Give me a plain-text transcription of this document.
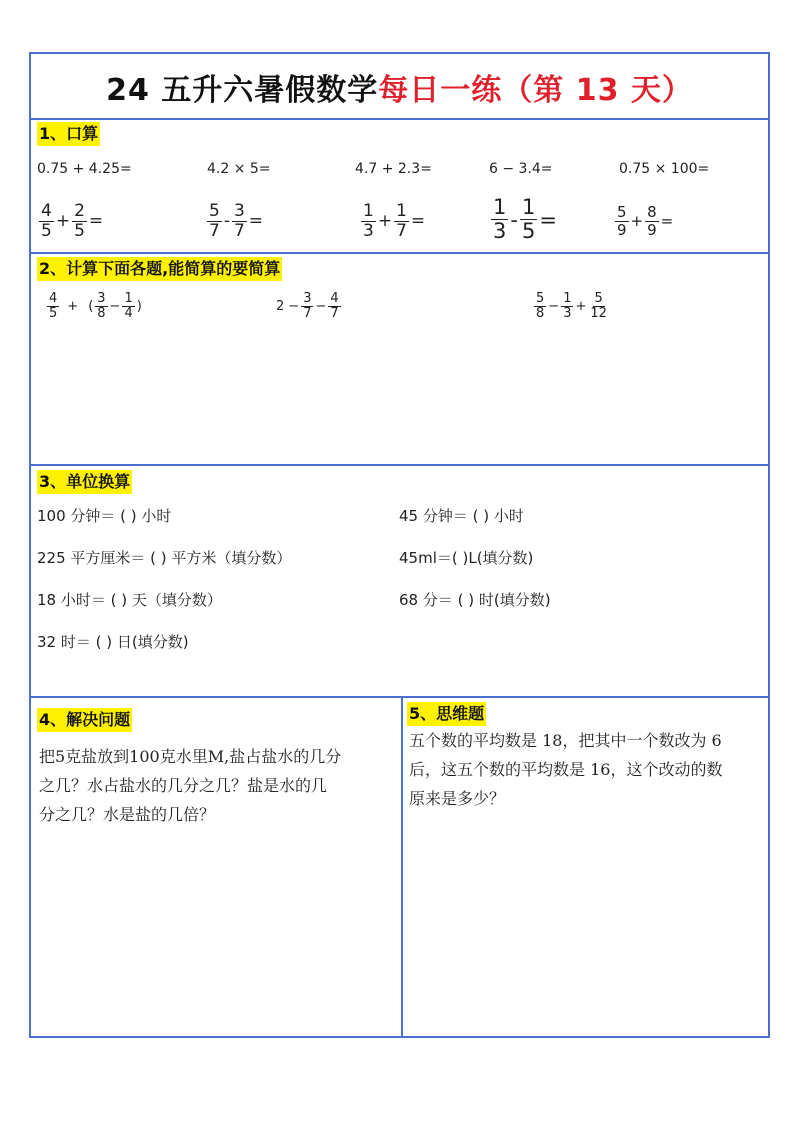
24 五升六暑假数学 每日一练（第 13 天）
1、口算
0.75 + 4.25=	4.2 × 5=	4.7 + 2.3=	6 − 3.4=	0.75 × 100=
$\frac{4}{5} + \frac{2}{5}$ =	$\frac{5}{7} - \frac{3}{7}$ =	$\frac{1}{3} + \frac{1}{7}$ =	$\frac{1}{3} - \frac{1}{5}$ =	$\frac{5}{9} + \frac{8}{9}$ =
2、计算下面各题,能简算的要简算
$\frac{4}{5}$ + ( $\frac{3}{8} - \frac{1}{4}$ )	$2 - \frac{3}{7} - \frac{4}{7}$	$\frac{5}{8} - \frac{1}{3} + \frac{5}{12}$
3、单位换算
100 分钟＝ ( ) 小时	45 分钟＝ ( ) 小时
225 平方厘米＝ ( ) 平方米（填分数）	45ml＝( )L(填分数)
18 小时＝ ( ) 天（填分数）	68 分＝ ( ) 时(填分数)
32 时＝ ( ) 日(填分数)
4、解决问题
把5克盐放到100克水里M,盐占盐水的几分
之几？水占盐水的几分之几？盐是水的几
分之几？水是盐的几倍？
5、思维题
五个数的平均数是 18，把其中一个数改为 6
后，这五个数的平均数是 16，这个改动的数
原来是多少？
